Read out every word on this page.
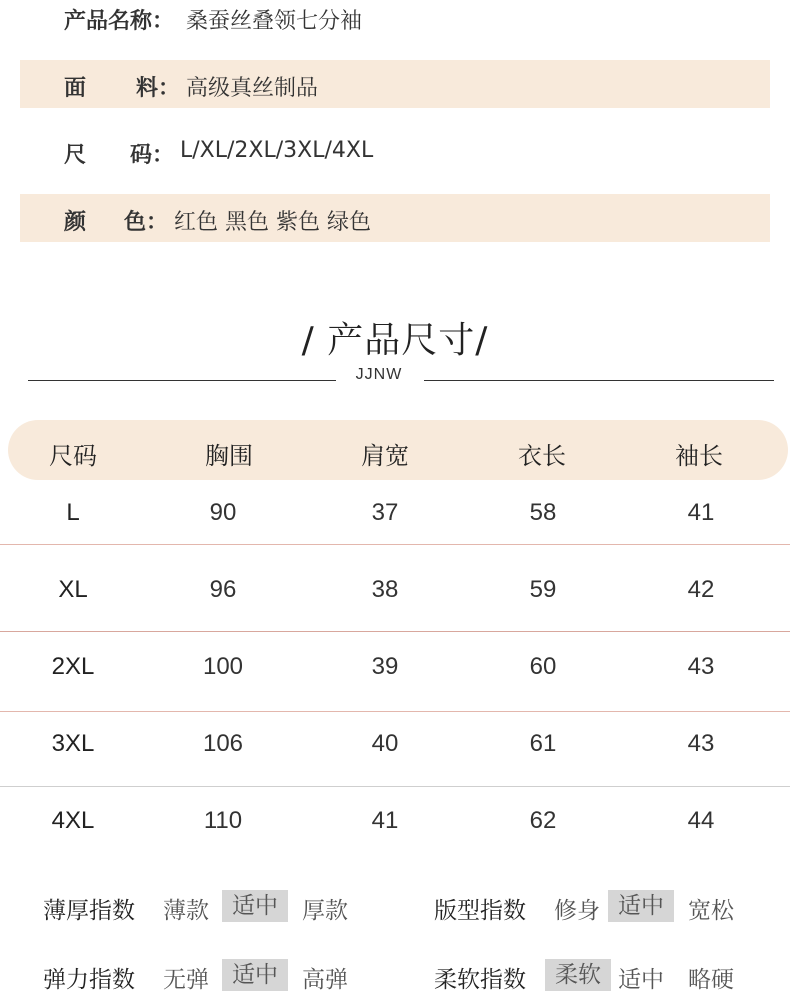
产品名称： 桑蚕丝叠领七分袖
面 料： 高级真丝制品
尺 码： L/XL/2XL/3XL/4XL
颜 色： 红色 黑色 紫色 绿色
/ 产品尺寸/
JJNW
尺码	胸围	肩宽	衣长	袖长
L	90	37	58	41
XL	96	38	59	42
2XL	100	39	60	43
3XL	106	40	61	43
4XL	110	41	62	44
薄厚指数	薄款	适中	厚款	版型指数	修身 适中	宽松
弹力指数	无弹	适中	高弹	柔软指数	柔软 适中	略硬
